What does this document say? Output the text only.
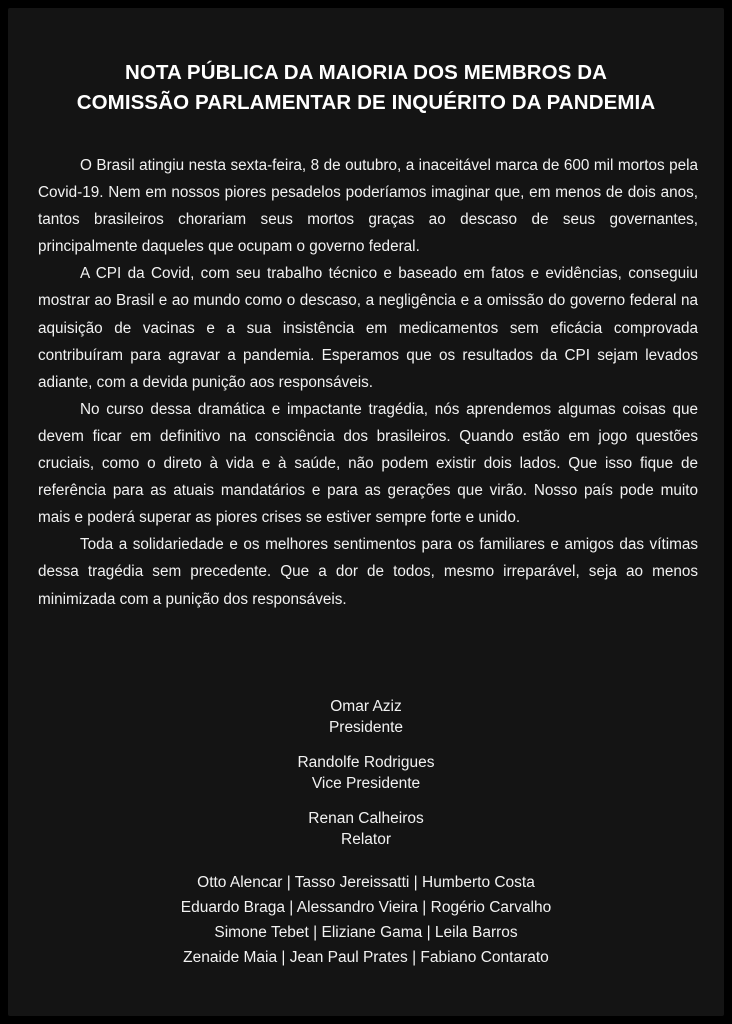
NOTA PÚBLICA DA MAIORIA DOS MEMBROS DA
COMISSÃO PARLAMENTAR DE INQUÉRITO DA PANDEMIA

O Brasil atingiu nesta sexta-feira, 8 de outubro, a inaceitável marca de 600 mil mortos pela Covid-19. Nem em nossos piores pesadelos poderíamos imaginar que, em menos de dois anos, tantos brasileiros chorariam seus mortos graças ao descaso de seus governantes, principalmente daqueles que ocupam o governo federal.

A CPI da Covid, com seu trabalho técnico e baseado em fatos e evidências, conseguiu mostrar ao Brasil e ao mundo como o descaso, a negligência e a omissão do governo federal na aquisição de vacinas e a sua insistência em medicamentos sem eficácia comprovada contribuíram para agravar a pandemia. Esperamos que os resultados da CPI sejam levados adiante, com a devida punição aos responsáveis.

No curso dessa dramática e impactante tragédia, nós aprendemos algumas coisas que devem ficar em definitivo na consciência dos brasileiros. Quando estão em jogo questões cruciais, como o direto à vida e à saúde, não podem existir dois lados. Que isso fique de referência para as atuais mandatários e para as gerações que virão. Nosso país pode muito mais e poderá superar as piores crises se estiver sempre forte e unido.

Toda a solidariedade e os melhores sentimentos para os familiares e amigos das vítimas dessa tragédia sem precedente. Que a dor de todos, mesmo irreparável, seja ao menos minimizada com a punição dos responsáveis.

Omar Aziz
Presidente
Randolfe Rodrigues
Vice Presidente
Renan Calheiros
Relator
Otto Alencar | Tasso Jereissatti | Humberto Costa
Eduardo Braga | Alessandro Vieira | Rogério Carvalho
Simone Tebet | Eliziane Gama | Leila Barros
Zenaide Maia | Jean Paul Prates | Fabiano Contarato
